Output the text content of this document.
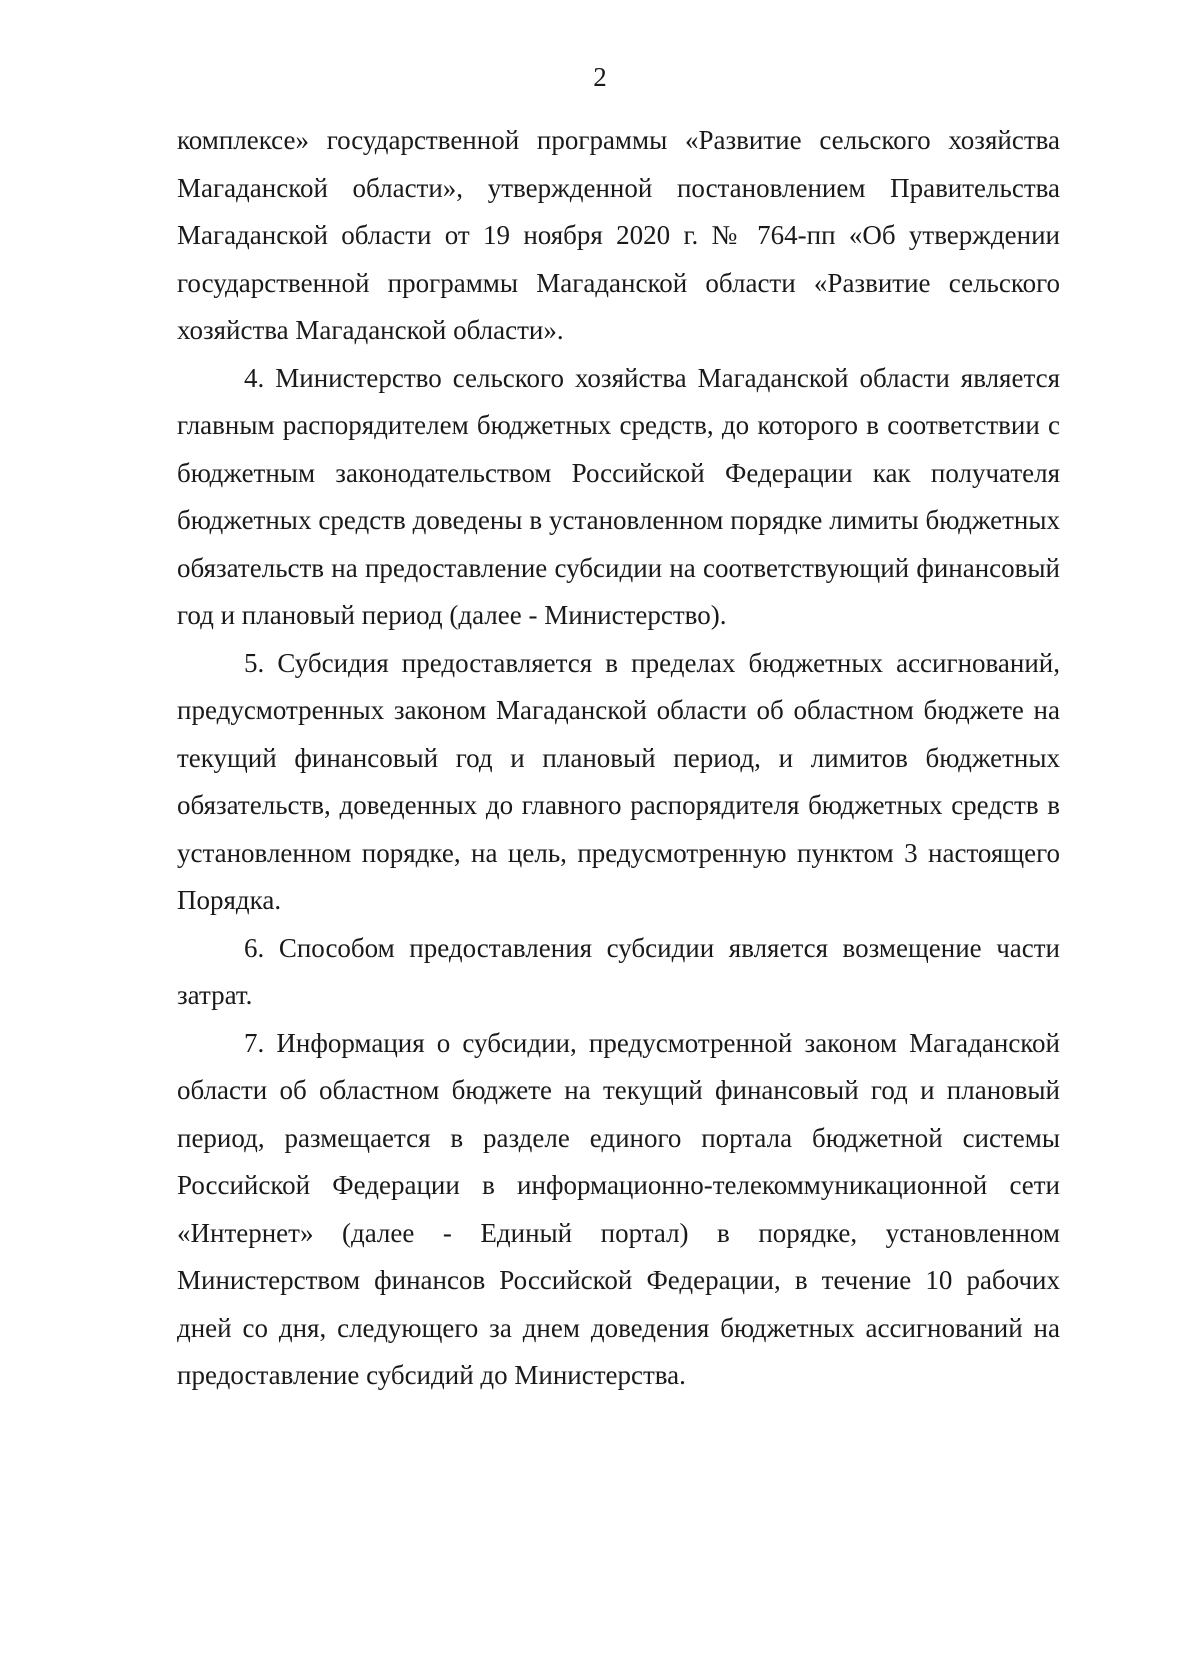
2

комплексе» государственной программы «Развитие сельского хозяйства Магаданской области», утвержденной постановлением Правительства Магаданской области от 19 ноября 2020 г. № 764-пп «Об утверждении государственной программы Магаданской области «Развитие сельского хозяйства Магаданской области».

4. Министерство сельского хозяйства Магаданской области является главным распорядителем бюджетных средств, до которого в соответствии с бюджетным законодательством Российской Федерации как получателя бюджетных средств доведены в установленном порядке лимиты бюджетных обязательств на предоставление субсидии на соответствующий финансовый год и плановый период (далее - Министерство).

5. Субсидия предоставляется в пределах бюджетных ассигнований, предусмотренных законом Магаданской области об областном бюджете на текущий финансовый год и плановый период, и лимитов бюджетных обязательств, доведенных до главного распорядителя бюджетных средств в установленном порядке, на цель, предусмотренную пунктом 3 настоящего Порядка.

6. Способом предоставления субсидии является возмещение части затрат.

7. Информация о субсидии, предусмотренной законом Магаданской области об областном бюджете на текущий финансовый год и плановый период, размещается в разделе единого портала бюджетной системы Российской Федерации в информационно-телекоммуникационной сети «Интернет» (далее - Единый портал) в порядке, установленном Министерством финансов Российской Федерации, в течение 10 рабочих дней со дня, следующего за днем доведения бюджетных ассигнований на предоставление субсидий до Министерства.
